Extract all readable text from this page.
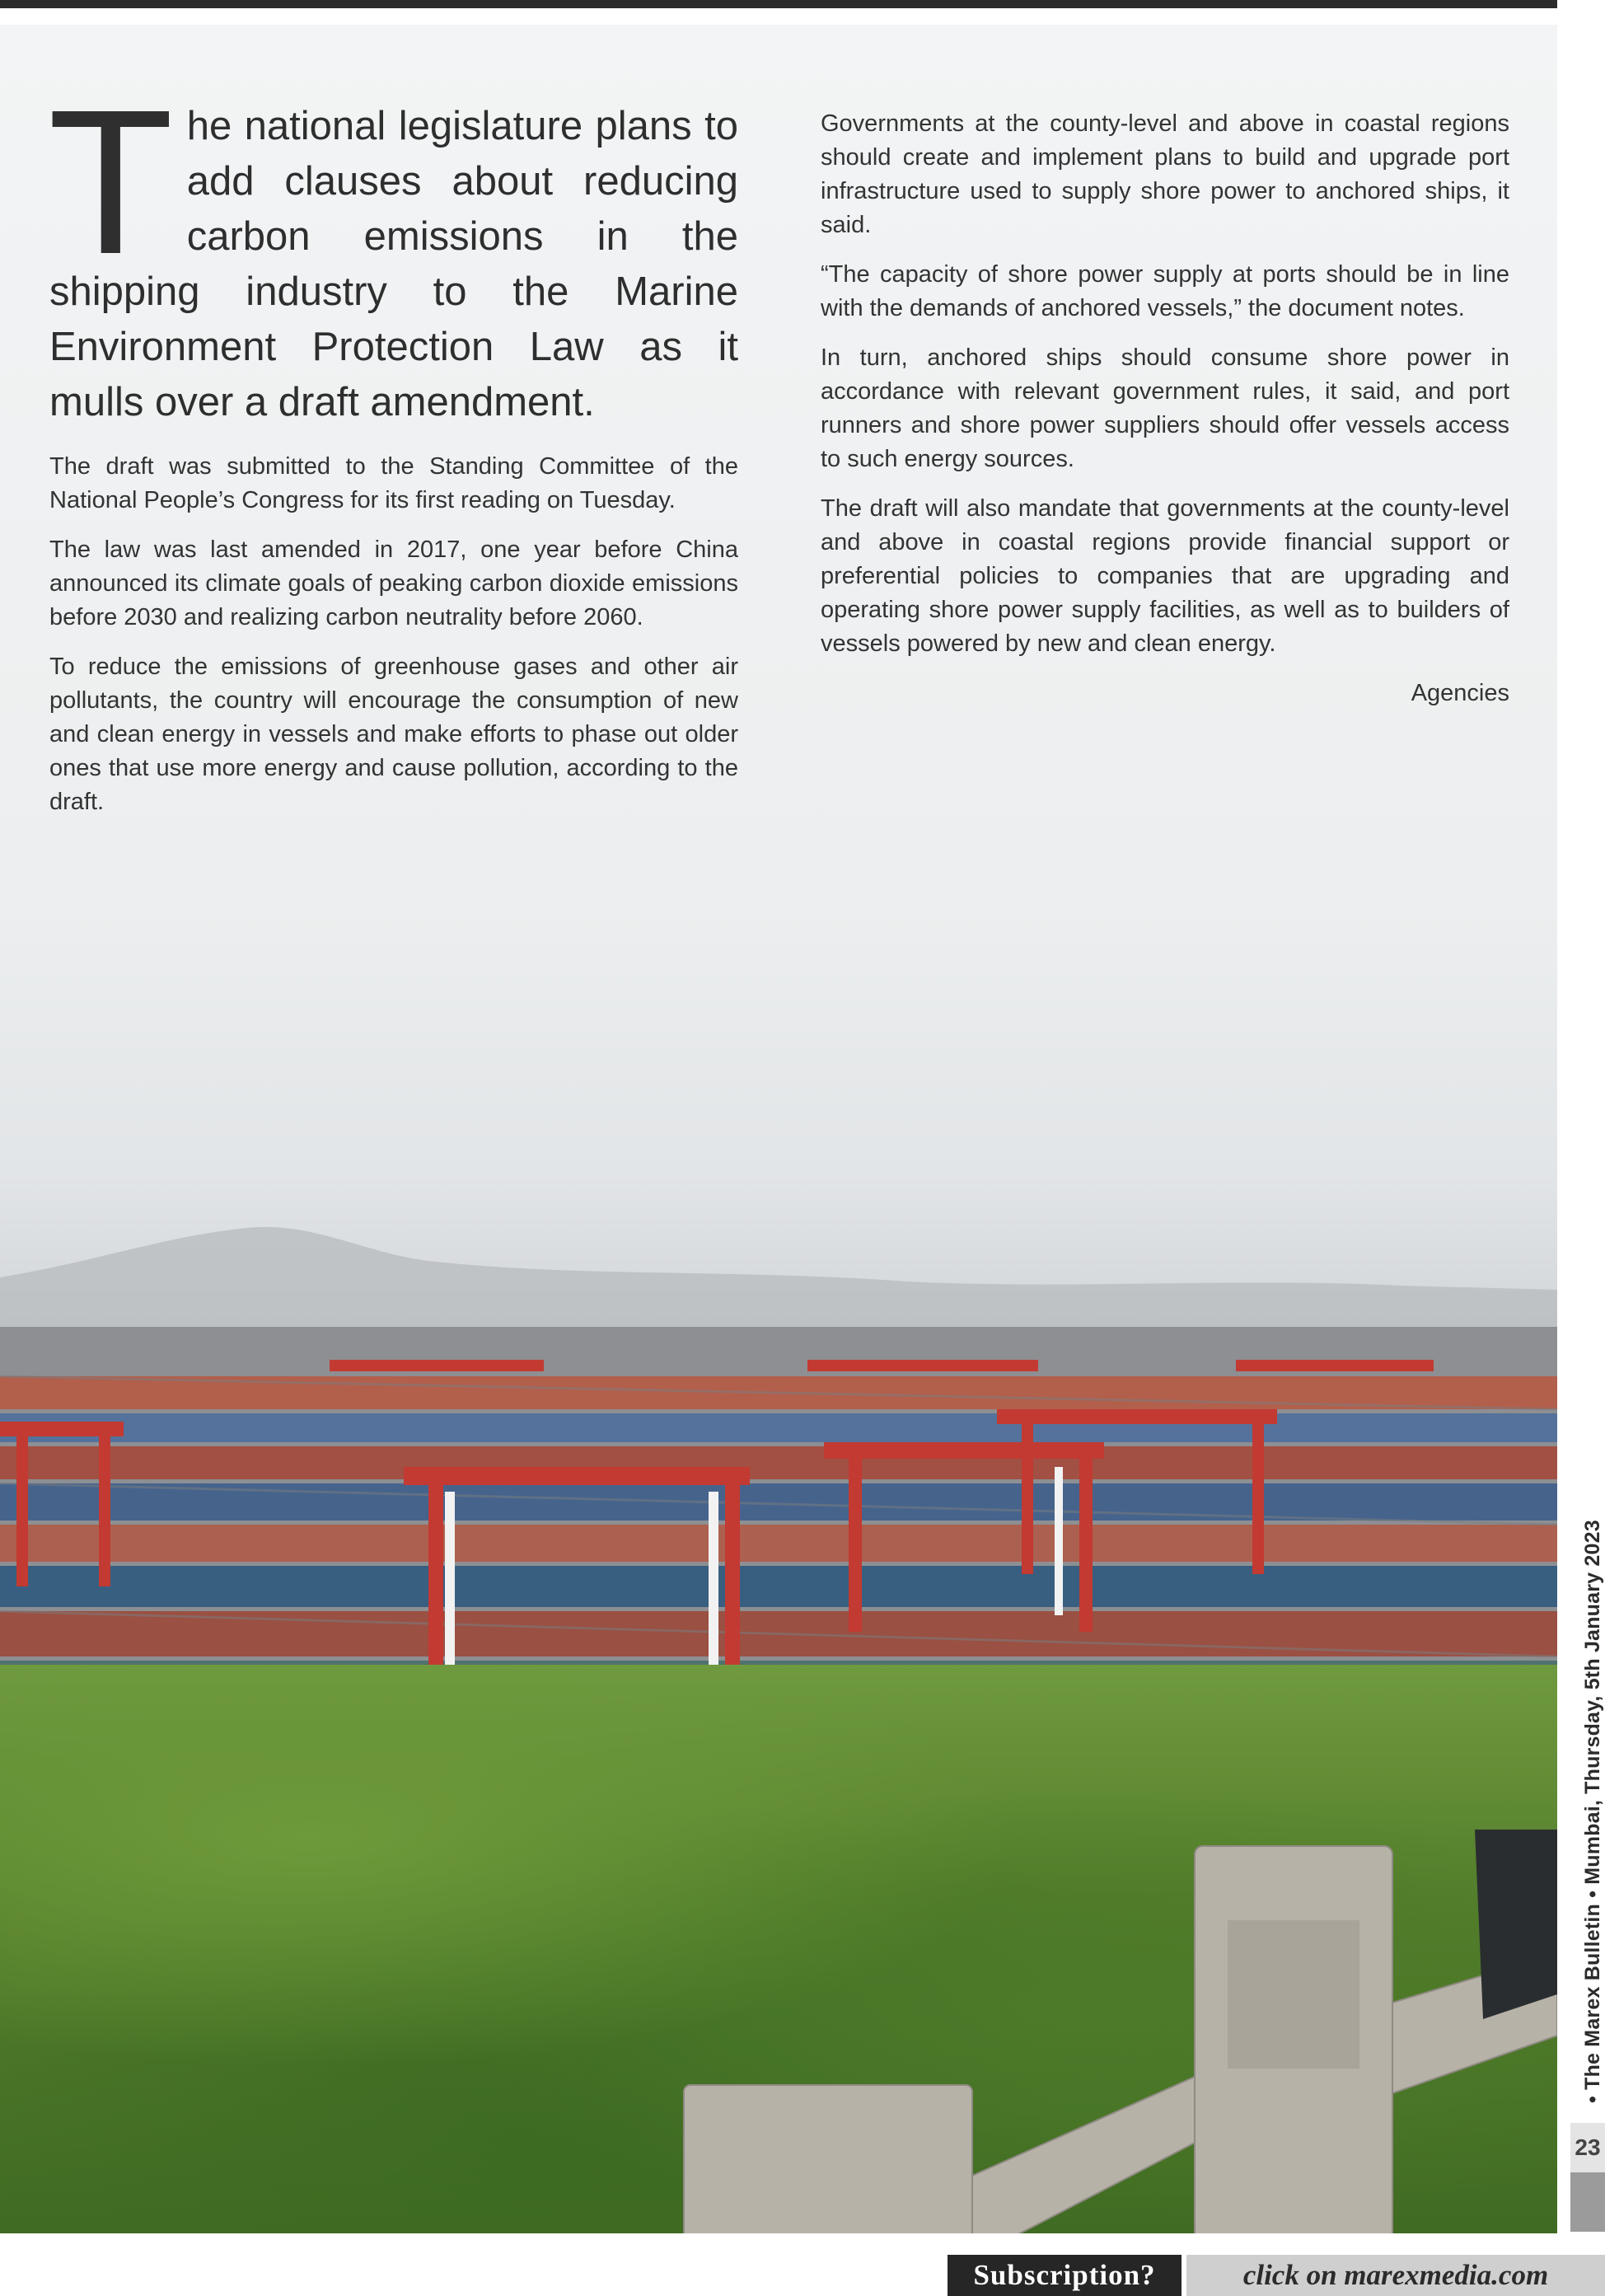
The national legislature plans to add clauses about reducing carbon emissions in the shipping industry to the Marine Environment Protection Law as it mulls over a draft amendment.

The draft was submitted to the Standing Committee of the National People’s Congress for its first reading on Tuesday.

The law was last amended in 2017, one year before China announced its climate goals of peaking carbon dioxide emissions before 2030 and realizing carbon neutrality before 2060.

To reduce the emissions of greenhouse gases and other air pollutants, the country will encourage the consumption of new and clean energy in vessels and make efforts to phase out older ones that use more energy and cause pollution, according to the draft.

Governments at the county-level and above in coastal regions should create and implement plans to build and upgrade port infrastructure used to supply shore power to anchored ships, it said.

“The capacity of shore power supply at ports should be in line with the demands of anchored vessels,” the document notes.

In turn, anchored ships should consume shore power in accordance with relevant government rules, it said, and port runners and shore power suppliers should offer vessels access to such energy sources.

The draft will also mandate that governments at the county-level and above in coastal regions provide financial support or preferential policies to companies that are upgrading and operating shore power supply facilities, as well as to builders of vessels powered by new and clean energy.

Agencies

• The Marex Bulletin • Mumbai, Thursday, 5th January 2023
23
Subscription?	click on marexmedia.com
